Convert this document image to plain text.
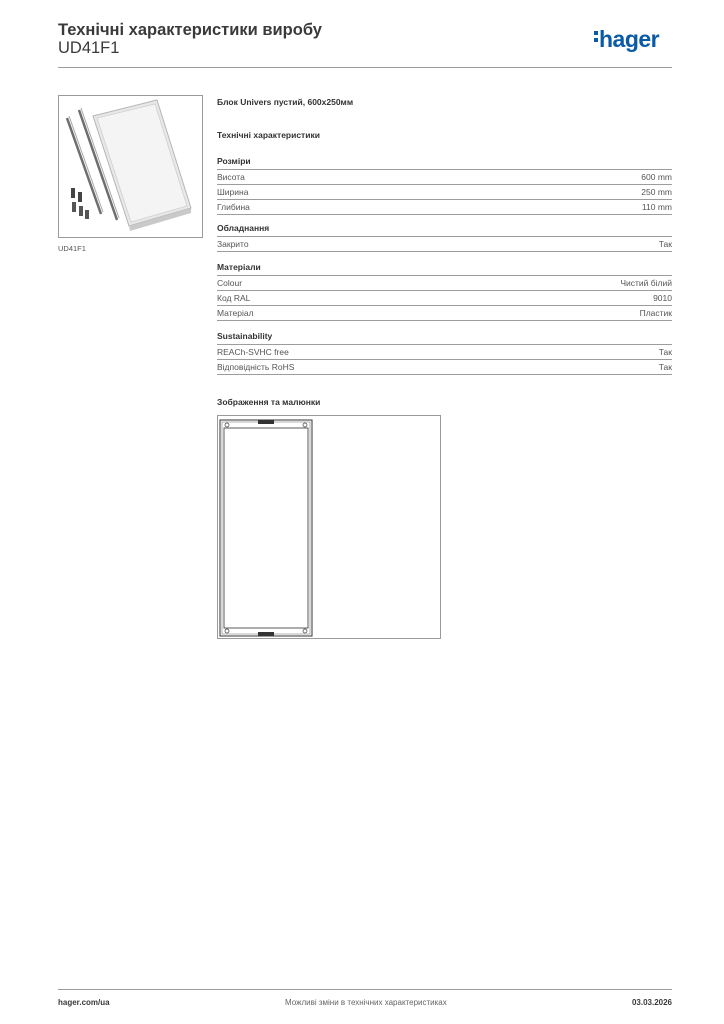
Технічні характеристики виробу
UD41F1	hager
UD41F1
Блок Univers пустий, 600x250мм
Технічні характеристики
Розміри
Висота	600 mm
Ширина	250 mm
Глибина	110 mm
Обладнання
Закрито	Так
Матеріали
Colour	Чистий білий
Код RAL	9010
Матеріал	Пластик
Sustainability
REACh-SVHC free	Так
Відповідність RoHS	Так
Зображення та малюнки
hager.com/ua	Можливі зміни в технічних характеристиках	03.03.2026
